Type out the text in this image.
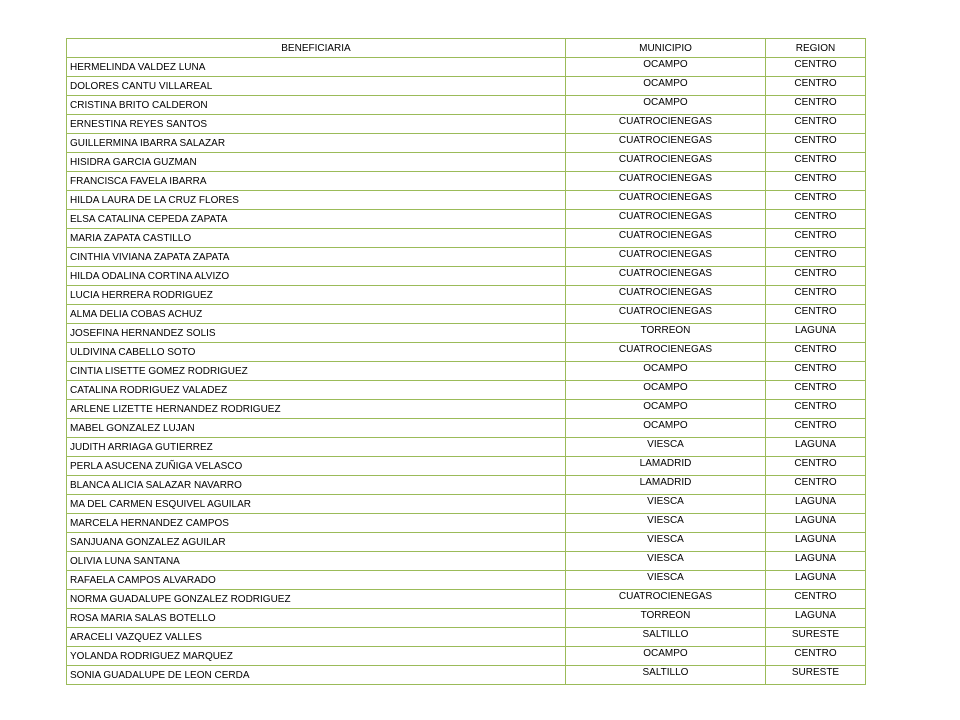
BENEFICIARIA	MUNICIPIO	REGION
HERMELINDA VALDEZ LUNA	OCAMPO	CENTRO
DOLORES CANTU VILLAREAL	OCAMPO	CENTRO
CRISTINA BRITO CALDERON	OCAMPO	CENTRO
ERNESTINA REYES SANTOS	CUATROCIENEGAS	CENTRO
GUILLERMINA IBARRA SALAZAR	CUATROCIENEGAS	CENTRO
HISIDRA GARCIA GUZMAN	CUATROCIENEGAS	CENTRO
FRANCISCA FAVELA IBARRA	CUATROCIENEGAS	CENTRO
HILDA LAURA DE LA CRUZ FLORES	CUATROCIENEGAS	CENTRO
ELSA CATALINA CEPEDA ZAPATA	CUATROCIENEGAS	CENTRO
MARIA ZAPATA CASTILLO	CUATROCIENEGAS	CENTRO
CINTHIA VIVIANA ZAPATA ZAPATA	CUATROCIENEGAS	CENTRO
HILDA ODALINA CORTINA ALVIZO	CUATROCIENEGAS	CENTRO
LUCIA HERRERA RODRIGUEZ	CUATROCIENEGAS	CENTRO
ALMA DELIA COBAS ACHUZ	CUATROCIENEGAS	CENTRO
JOSEFINA HERNANDEZ SOLIS	TORREON	LAGUNA
ULDIVINA CABELLO SOTO	CUATROCIENEGAS	CENTRO
CINTIA LISETTE GOMEZ RODRIGUEZ	OCAMPO	CENTRO
CATALINA RODRIGUEZ VALADEZ	OCAMPO	CENTRO
ARLENE LIZETTE HERNANDEZ RODRIGUEZ	OCAMPO	CENTRO
MABEL GONZALEZ LUJAN	OCAMPO	CENTRO
JUDITH ARRIAGA GUTIERREZ	VIESCA	LAGUNA
PERLA ASUCENA ZUÑIGA VELASCO	LAMADRID	CENTRO
BLANCA ALICIA SALAZAR NAVARRO	LAMADRID	CENTRO
MA DEL CARMEN ESQUIVEL AGUILAR	VIESCA	LAGUNA
MARCELA HERNANDEZ CAMPOS	VIESCA	LAGUNA
SANJUANA GONZALEZ AGUILAR	VIESCA	LAGUNA
OLIVIA LUNA SANTANA	VIESCA	LAGUNA
RAFAELA CAMPOS ALVARADO	VIESCA	LAGUNA
NORMA GUADALUPE GONZALEZ RODRIGUEZ	CUATROCIENEGAS	CENTRO
ROSA MARIA SALAS BOTELLO	TORREON	LAGUNA
ARACELI VAZQUEZ VALLES	SALTILLO	SURESTE
YOLANDA RODRIGUEZ MARQUEZ	OCAMPO	CENTRO
SONIA GUADALUPE DE LEON CERDA	SALTILLO	SURESTE
